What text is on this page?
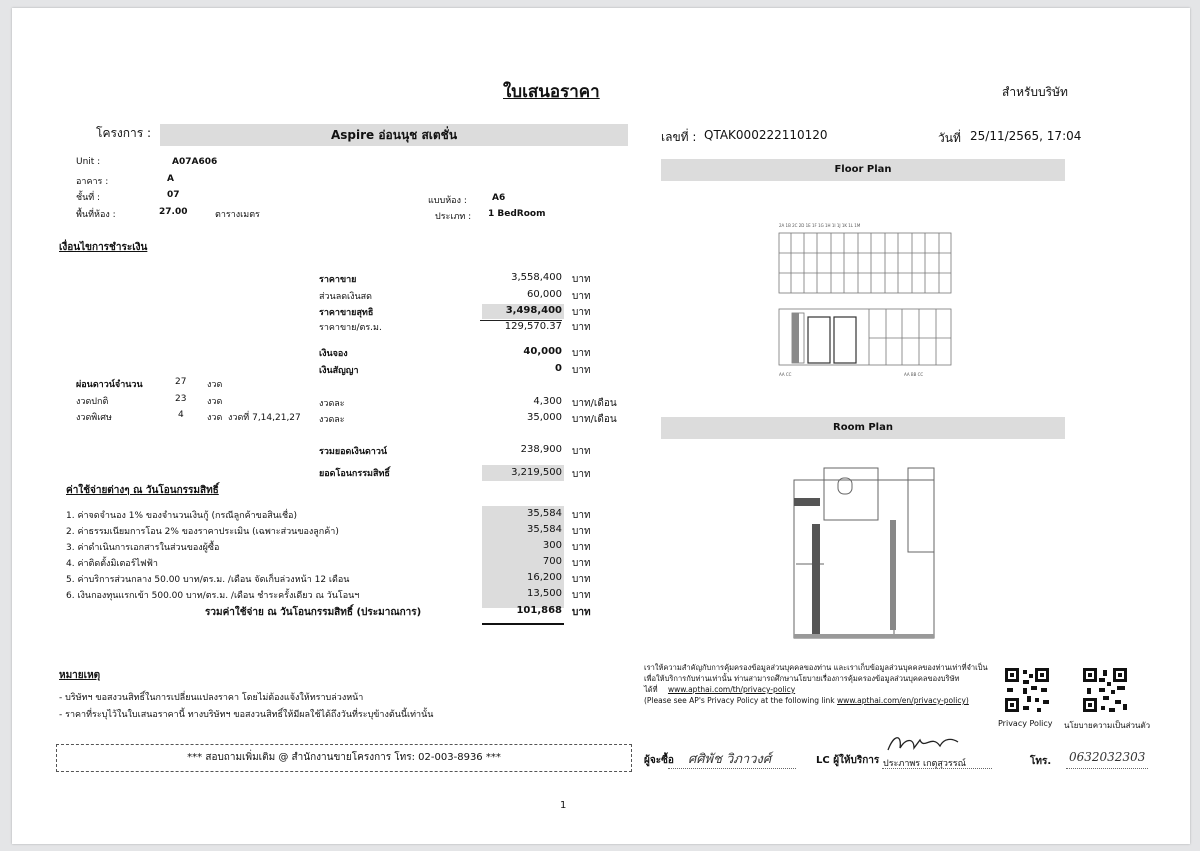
ใบเสนอราคา	สำหรับบริษัท
โครงการ :	Aspire อ่อนนุช สเตชั่น	เลขที่ : QTAK000222110120	วันที่ 25/11/2565, 17:04
Unit :	A07A606
อาคาร :	A
ชั้นที่ :	07
พื้นที่ห้อง :	27.00	ตารางเมตร
แบบห้อง :	A6
ประเภท : 1 BedRoom
เงื่อนไขการชำระเงิน
ราคาขาย	3,558,400 บาท
ส่วนลดเงินสด	60,000 บาท
ราคาขายสุทธิ	3,498,400 บาท
ราคาขาย/ตร.ม.	129,570.37 บาท
เงินจอง	40,000 บาท
เงินสัญญา	0 บาท
ผ่อนดาวน์จำนวน	27 งวด
งวดปกติ	23 งวด	งวดละ	4,300 บาท/เดือน
งวดพิเศษ	4	งวด งวดที่ 7,14,21,27 งวดละ	35,000 บาท/เดือน
รวมยอดเงินดาวน์	238,900 บาท
ยอดโอนกรรมสิทธิ์	3,219,500 บาท
ค่าใช้จ่ายต่างๆ ณ วันโอนกรรมสิทธิ์
1. ค่าจดจำนอง 1% ของจำนวนเงินกู้ (กรณีลูกค้าขอสินเชื่อ)	35,584 บาท
2. ค่าธรรมเนียมการโอน 2% ของราคาประเมิน (เฉพาะส่วนของลูกค้า)	35,584 บาท
3. ค่าดำเนินการเอกสารในส่วนของผู้ซื้อ	300 บาท
4. ค่าติดตั้งมิเตอร์ไฟฟ้า	700 บาท
5. ค่าบริการส่วนกลาง 50.00 บาท/ตร.ม. /เดือน จัดเก็บล่วงหน้า 12 เดือน	16,200 บาท
6. เงินกองทุนแรกเข้า 500.00 บาท/ตร.ม. /เดือน ชำระครั้งเดียว ณ วันโอนฯ	13,500 บาท
รวมค่าใช้จ่าย ณ วันโอนกรรมสิทธิ์ (ประมาณการ)	101,868 บาท
หมายเหตุ
- บริษัทฯ ขอสงวนสิทธิ์ในการเปลี่ยนแปลงราคา โดยไม่ต้องแจ้งให้ทราบล่วงหน้า
- ราคาที่ระบุไว้ในใบเสนอราคานี้ ทางบริษัทฯ ขอสงวนสิทธิ์ให้มีผลใช้ได้ถึงวันที่ระบุข้างต้นนี้เท่านั้น
*** สอบถามเพิ่มเติม @ สำนักงานขายโครงการ โทร: 02-003-8936 ***
Floor Plan
2A 1B 2C 2D 1E 1F 1G 1H 1I 1J 1K 1L 1M
AA CC	AA BB CC
Room Plan
เราให้ความสำคัญกับการคุ้มครองข้อมูลส่วนบุคคลของท่าน และเราเก็บข้อมูลส่วนบุคคลของท่านเท่าที่จำเป็น
เพื่อให้บริการกับท่านเท่านั้น ท่านสามารถศึกษานโยบายเรื่องการคุ้มครองข้อมูลส่วนบุคคลของบริษัท
ได้ที่ www.apthai.com/th/privacy-policy
(Please see AP's Privacy Policy at the following link www.apthai.com/en/privacy-policy)
Privacy Policy นโยบายความเป็นส่วนตัว
ผู้จะซื้อ ศศิพัช วิภาวงศ์	LC ผู้ให้บริการ ประภาพร เกตุสุวรรณ์	โทร. 0632032303
1
